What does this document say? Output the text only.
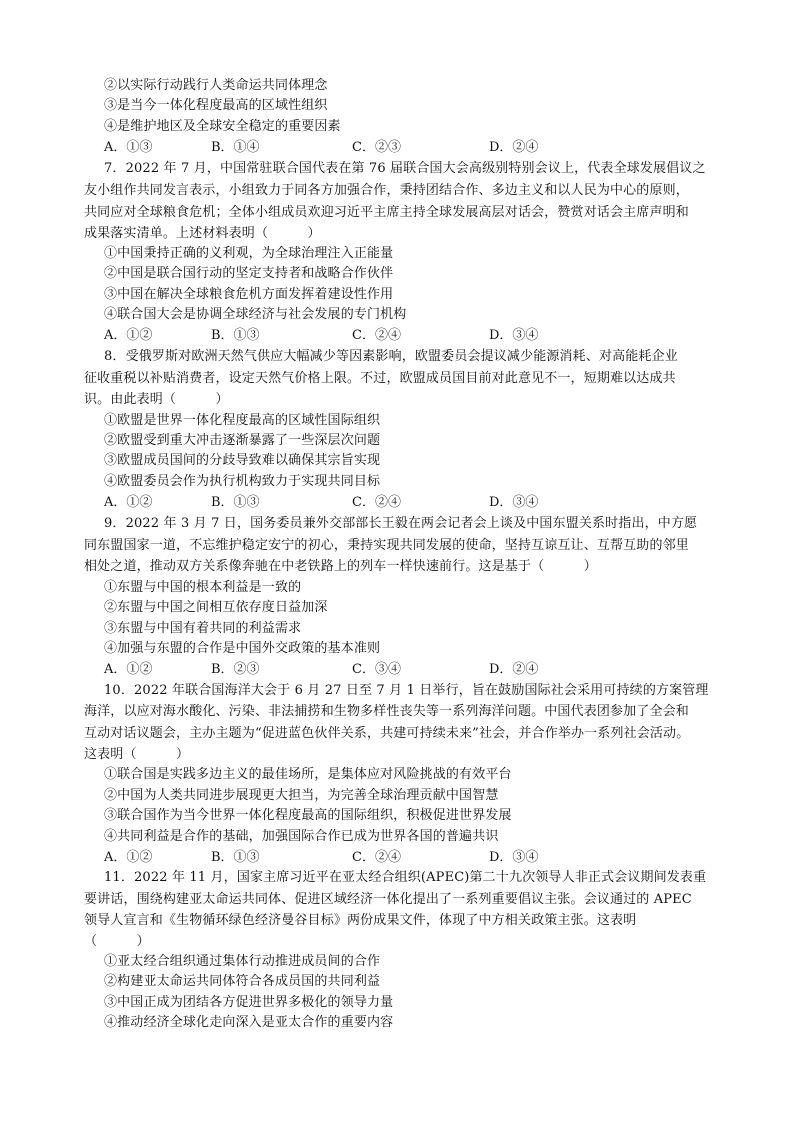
②以实际行动践行人类命运共同体理念
③是当今一体化程度最高的区域性组织
④是维护地区及全球安全稳定的重要因素
A．①③	B．①④	C．②③	D．②④
7．2022 年 7 月，中国常驻联合国代表在第 76 届联合国大会高级别特别会议上，代表全球发展倡议之
友小组作共同发言表示，小组致力于同各方加强合作，秉持团结合作、多边主义和以人民为中心的原则，
共同应对全球粮食危机；全体小组成员欢迎习近平主席主持全球发展高层对话会，赞赏对话会主席声明和
成果落实清单。上述材料表明（　　　）
①中国秉持正确的义利观，为全球治理注入正能量
②中国是联合国行动的坚定支持者和战略合作伙伴
③中国在解决全球粮食危机方面发挥着建设性作用
④联合国大会是协调全球经济与社会发展的专门机构
A．①②	B．①③	C．②④	D．③④
8．受俄罗斯对欧洲天然气供应大幅减少等因素影响，欧盟委员会提议减少能源消耗、对高能耗企业
征收重税以补贴消费者，设定天然气价格上限。不过，欧盟成员国目前对此意见不一，短期难以达成共
识。由此表明（　　　）
①欧盟是世界一体化程度最高的区域性国际组织
②欧盟受到重大冲击逐渐暴露了一些深层次问题
③欧盟成员国间的分歧导致难以确保其宗旨实现
④欧盟委员会作为执行机构致力于实现共同目标
A．①②	B．①③	C．②④	D．③④
9．2022 年 3 月 7 日，国务委员兼外交部部长王毅在两会记者会上谈及中国东盟关系时指出，中方愿
同东盟国家一道，不忘维护稳定安宁的初心，秉持实现共同发展的使命，坚持互谅互让、互帮互助的邻里
相处之道，推动双方关系像奔驰在中老铁路上的列车一样快速前行。这是基于（　　　）
①东盟与中国的根本利益是一致的
②东盟与中国之间相互依存度日益加深
③东盟与中国有着共同的利益需求
④加强与东盟的合作是中国外交政策的基本准则
A．①②	B．②③	C．③④	D．②④
10．2022 年联合国海洋大会于 6 月 27 日至 7 月 1 日举行，旨在鼓励国际社会采用可持续的方案管理
海洋，以应对海水酸化、污染、非法捕捞和生物多样性丧失等一系列海洋问题。中国代表团参加了全会和
互动对话议题会，主办主题为“促进蓝色伙伴关系，共建可持续未来”社会，并合作举办一系列社会活动。
这表明（　　　）
①联合国是实践多边主义的最佳场所，是集体应对风险挑战的有效平台
②中国为人类共同进步展现更大担当，为完善全球治理贡献中国智慧
③联合国作为当今世界一体化程度最高的国际组织，积极促进世界发展
④共同利益是合作的基础，加强国际合作已成为世界各国的普遍共识
A．①②	B．①③	C．②④	D．③④
11．2022 年 11 月，国家主席习近平在亚太经合组织(APEC)第二十九次领导人非正式会议期间发表重
要讲话，围绕构建亚太命运共同体、促进区域经济一体化提出了一系列重要倡议主张。会议通过的 APEC
领导人宣言和《生物循环绿色经济曼谷目标》两份成果文件，体现了中方相关政策主张。这表明
（　　　）
①亚太经合组织通过集体行动推进成员间的合作
②构建亚太命运共同体符合各成员国的共同利益
③中国正成为团结各方促进世界多极化的领导力量
④推动经济全球化走向深入是亚太合作的重要内容
